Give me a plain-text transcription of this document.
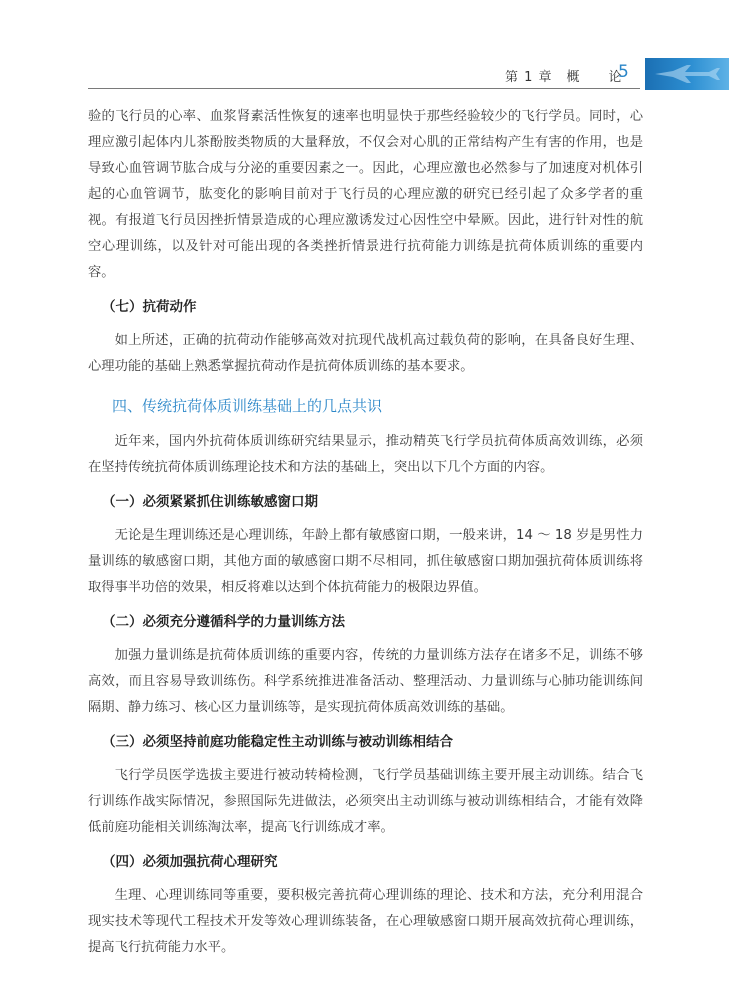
第 1 章　概　　论
5

验的飞行员的心率、血浆肾素活性恢复的速率也明显快于那些经验较少的飞行学员。同时，心理应激引起体内儿茶酚胺类物质的大量释放，不仅会对心肌的正常结构产生有害的作用，也是导致心血管调节肱合成与分泌的重要因素之一。因此，心理应激也必然参与了加速度对机体引起的心血管调节，肱变化的影响目前对于飞行员的心理应激的研究已经引起了众多学者的重视。有报道飞行员因挫折情景造成的心理应激诱发过心因性空中晕厥。因此，进行针对性的航空心理训练，以及针对可能出现的各类挫折情景进行抗荷能力训练是抗荷体质训练的重要内容。

（七）抗荷动作

如上所述，正确的抗荷动作能够高效对抗现代战机高过载负荷的影响，在具备良好生理、心理功能的基础上熟悉掌握抗荷动作是抗荷体质训练的基本要求。

四、传统抗荷体质训练基础上的几点共识

近年来，国内外抗荷体质训练研究结果显示，推动精英飞行学员抗荷体质高效训练，必须在坚持传统抗荷体质训练理论技术和方法的基础上，突出以下几个方面的内容。

（一）必须紧紧抓住训练敏感窗口期

无论是生理训练还是心理训练，年龄上都有敏感窗口期，一般来讲，14 ～ 18 岁是男性力量训练的敏感窗口期，其他方面的敏感窗口期不尽相同，抓住敏感窗口期加强抗荷体质训练将取得事半功倍的效果，相反将难以达到个体抗荷能力的极限边界值。

（二）必须充分遵循科学的力量训练方法

加强力量训练是抗荷体质训练的重要内容，传统的力量训练方法存在诸多不足，训练不够高效，而且容易导致训练伤。科学系统推进准备活动、整理活动、力量训练与心肺功能训练间隔期、静力练习、核心区力量训练等，是实现抗荷体质高效训练的基础。

（三）必须坚持前庭功能稳定性主动训练与被动训练相结合

飞行学员医学选拔主要进行被动转椅检测，飞行学员基础训练主要开展主动训练。结合飞行训练作战实际情况，参照国际先进做法，必须突出主动训练与被动训练相结合，才能有效降低前庭功能相关训练淘汰率，提高飞行训练成才率。

（四）必须加强抗荷心理研究

生理、心理训练同等重要，要积极完善抗荷心理训练的理论、技术和方法，充分利用混合现实技术等现代工程技术开发等效心理训练装备，在心理敏感窗口期开展高效抗荷心理训练，提高飞行抗荷能力水平。
